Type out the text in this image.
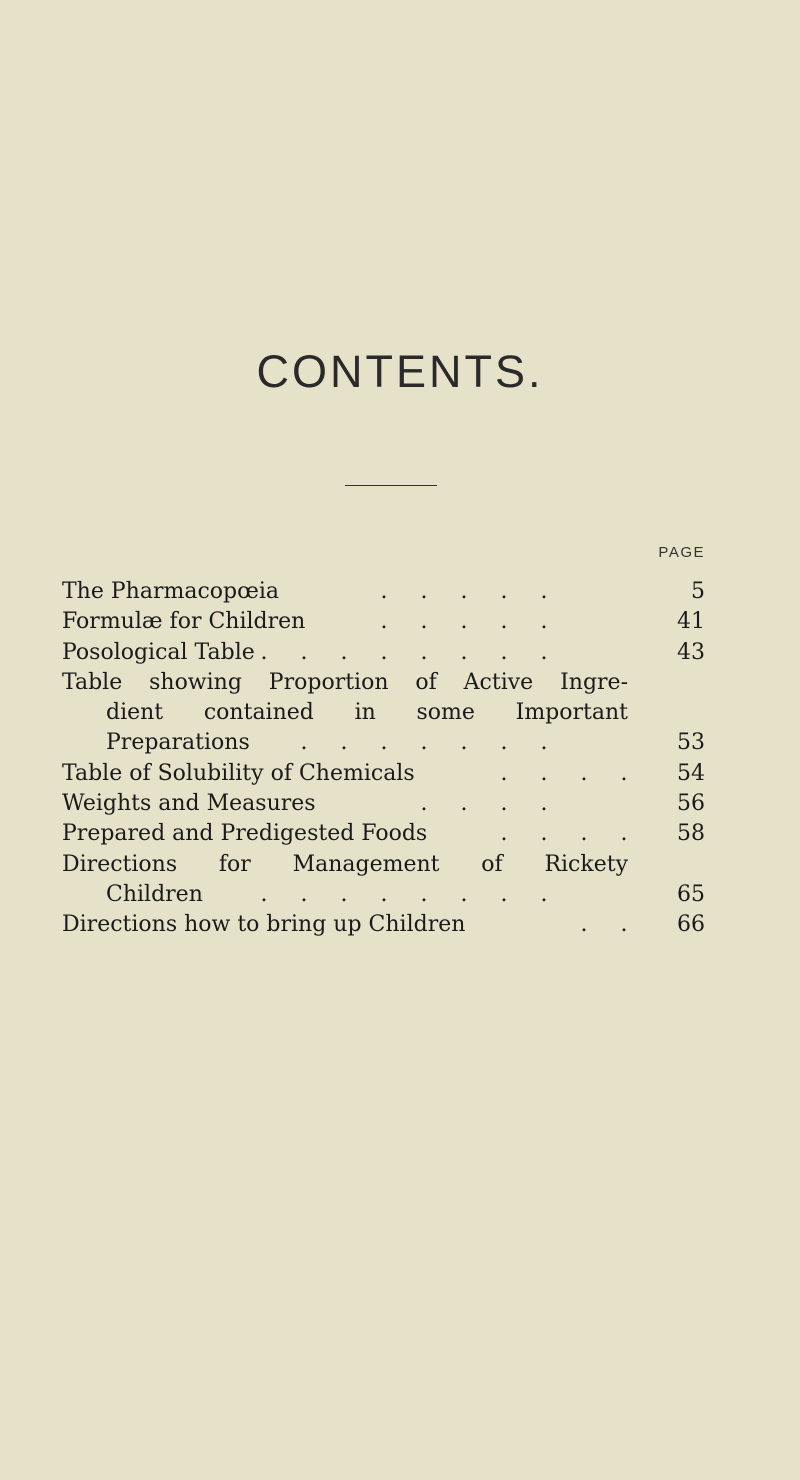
CONTENTS.
PAGE
The Pharmacopœia	. . . . .	5
Formulæ for Children	. . . . .	41
Posological Table . . . . . . . .	43
Table showing Proportion of Active Ingre-
dient contained in some Important
Preparations	. . . . . . .	53
Table of Solubility of Chemicals	. . . .	54
Weights and Measures	. . . .	56
Prepared and Predigested Foods	. . . .	58
Directions for Management of Rickety
Children	. . . . . . . .	65
Directions how to bring up Children	. .	66
